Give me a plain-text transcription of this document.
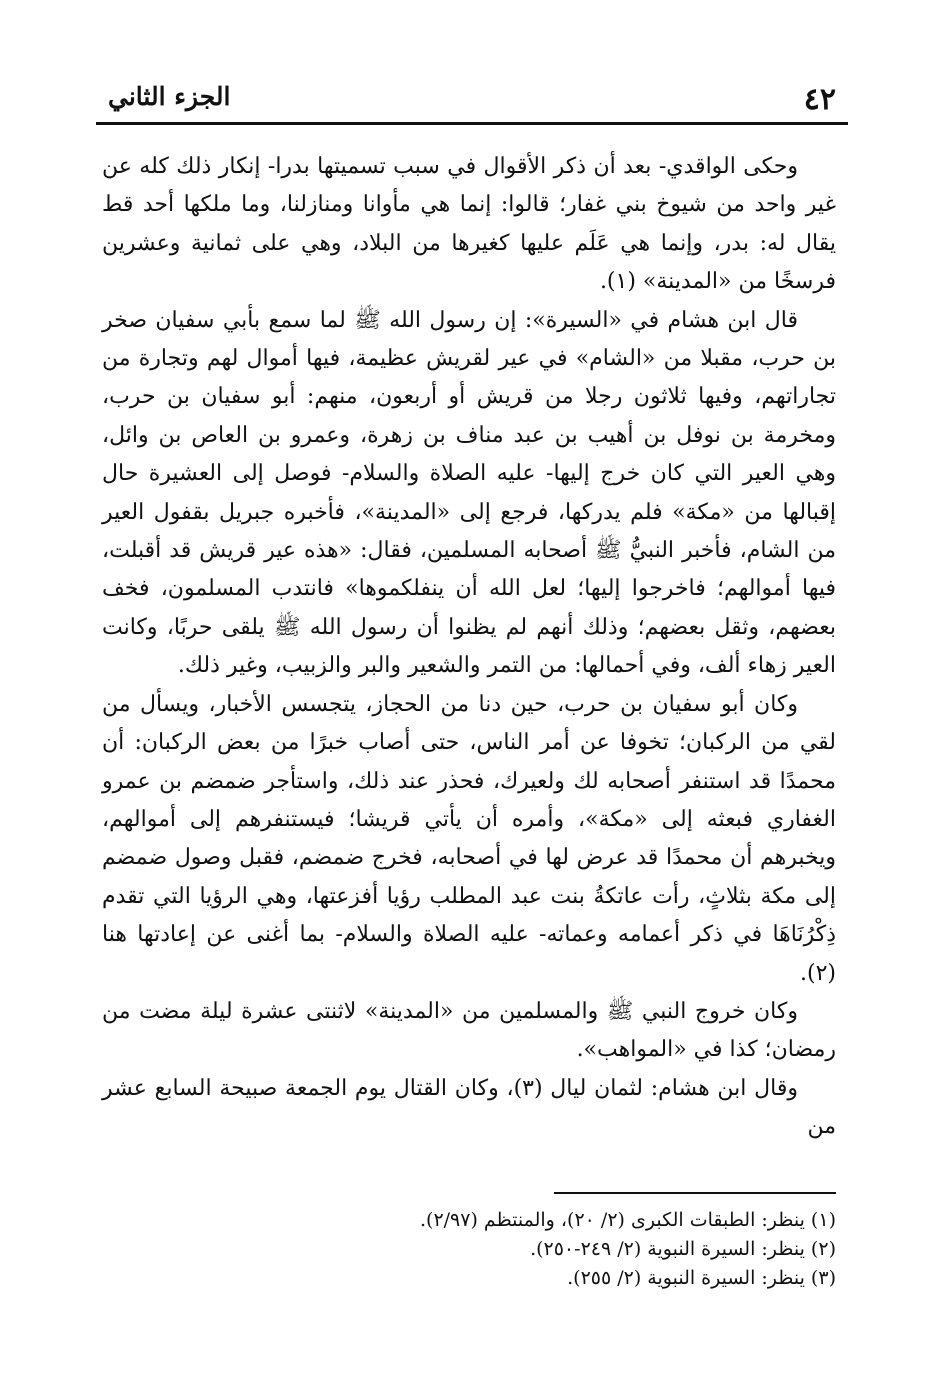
٤٢
الجزء الثاني

وحكى الواقدي- بعد أن ذكر الأقوال في سبب تسميتها بدرا- إنكار ذلك كله عن غير واحد من شيوخ بني غفار؛ قالوا: إنما هي مأوانا ومنازلنا، وما ملكها أحد قط يقال له: بدر، وإنما هي عَلَم عليها كغيرها من البلاد، وهي على ثمانية وعشرين فرسخًا من «المدينة» (١).

قال ابن هشام في «السيرة»: إن رسول الله ﷺ لما سمع بأبي سفيان صخر بن حرب، مقبلا من «الشام» في عير لقريش عظيمة، فيها أموال لهم وتجارة من تجاراتهم، وفيها ثلاثون رجلا من قريش أو أربعون، منهم: أبو سفيان بن حرب، ومخرمة بن نوفل بن أهيب بن عبد مناف بن زهرة، وعمرو بن العاص بن وائل، وهي العير التي كان خرج إليها- عليه الصلاة والسلام- فوصل إلى العشيرة حال إقبالها من «مكة» فلم يدركها، فرجع إلى «المدينة»، فأخبره جبريل بقفول العير من الشام، فأخبر النبيُّ ﷺ أصحابه المسلمين، فقال: «هذه عير قريش قد أقبلت، فيها أموالهم؛ فاخرجوا إليها؛ لعل الله أن ينفلكموها» فانتدب المسلمون، فخف بعضهم، وثقل بعضهم؛ وذلك أنهم لم يظنوا أن رسول الله ﷺ يلقى حربًا، وكانت العير زهاء ألف، وفي أحمالها: من التمر والشعير والبر والزبيب، وغير ذلك.

وكان أبو سفيان بن حرب، حين دنا من الحجاز، يتجسس الأخبار، ويسأل من لقي من الركبان؛ تخوفا عن أمر الناس، حتى أصاب خبرًا من بعض الركبان: أن محمدًا قد استنفر أصحابه لك ولعيرك، فحذر عند ذلك، واستأجر ضمضم بن عمرو الغفاري فبعثه إلى «مكة»، وأمره أن يأتي قريشا؛ فيستنفرهم إلى أموالهم، ويخبرهم أن محمدًا قد عرض لها في أصحابه، فخرج ضمضم، فقبل وصول ضمضم إلى مكة بثلاثٍ، رأت عاتكةُ بنت عبد المطلب رؤيا أفزعتها، وهي الرؤيا التي تقدم ذِكْرُنَاهَا في ذكر أعمامه وعماته- عليه الصلاة والسلام- بما أغنى عن إعادتها هنا (٢).

وكان خروج النبي ﷺ والمسلمين من «المدينة» لاثنتى عشرة ليلة مضت من رمضان؛ كذا في «المواهب».

وقال ابن هشام: لثمان ليال (٣)، وكان القتال يوم الجمعة صبيحة السابع عشر من

(١) ينظر: الطبقات الكبرى (٢/ ٢٠)، والمنتظم (٢/٩٧).

(٢) ينظر: السيرة النبوية (٢/ ٢٤٩-٢٥٠).

(٣) ينظر: السيرة النبوية (٢/ ٢٥٥).
